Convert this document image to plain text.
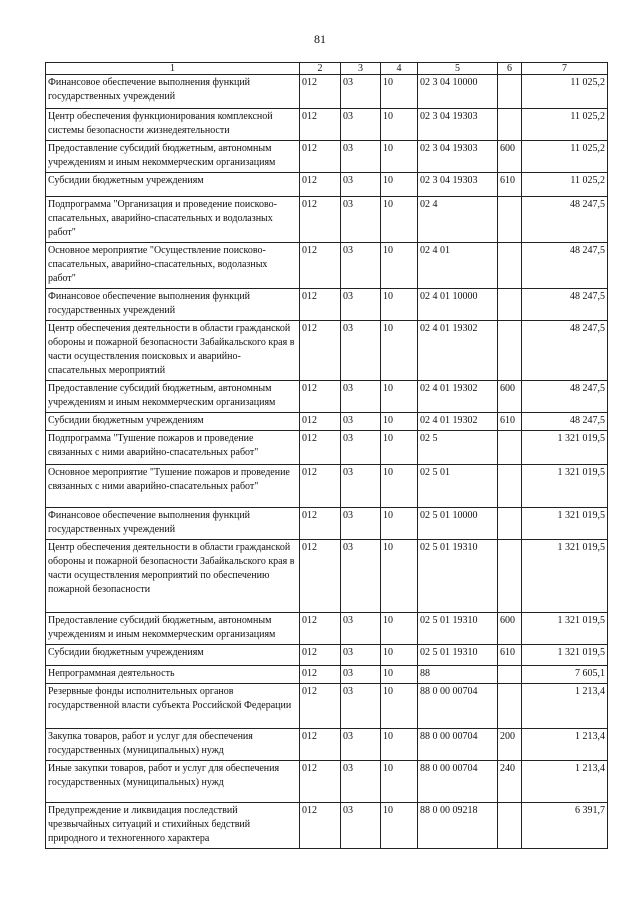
81
1	2	3	4	5	6	7
Финансовое обеспечение выполнения функций государственных учреждений	012	03	10	02 3 04 10000		11 025,2
Центр обеспечения функционирования комплексной системы безопасности жизнедеятельности	012	03	10	02 3 04 19303		11 025,2
Предоставление субсидий бюджетным, автономным учреждениям и иным некоммерческим организациям	012	03	10	02 3 04 19303	600	11 025,2
Субсидии бюджетным учреждениям	012	03	10	02 3 04 19303	610	11 025,2
Подпрограмма "Организация и проведение поисково-спасательных, аварийно-спасательных и водолазных работ"	012	03	10	02 4		48 247,5
Основное мероприятие "Осуществление поисково-спасательных, аварийно-спасательных, водолазных работ"	012	03	10	02 4 01		48 247,5
Финансовое обеспечение выполнения функций государственных учреждений	012	03	10	02 4 01 10000		48 247,5
Центр обеспечения деятельности в области гражданской обороны и пожарной безопасности Забайкальского края в части осуществления поисковых и аварийно-спасательных мероприятий	012	03	10	02 4 01 19302		48 247,5
Предоставление субсидий бюджетным, автономным учреждениям и иным некоммерческим организациям	012	03	10	02 4 01 19302	600	48 247,5
Субсидии бюджетным учреждениям	012	03	10	02 4 01 19302	610	48 247,5
Подпрограмма "Тушение пожаров и проведение связанных с ними аварийно-спасательных работ"	012	03	10	02 5		1 321 019,5
Основное мероприятие "Тушение пожаров и проведение связанных с ними аварийно-спасательных работ"	012	03	10	02 5 01		1 321 019,5
Финансовое обеспечение выполнения функций государственных учреждений	012	03	10	02 5 01 10000		1 321 019,5
Центр обеспечения деятельности в области гражданской обороны и пожарной безопасности Забайкальского края в части осуществления мероприятий по обеспечению пожарной безопасности	012	03	10	02 5 01 19310		1 321 019,5
Предоставление субсидий бюджетным, автономным учреждениям и иным некоммерческим организациям	012	03	10	02 5 01 19310	600	1 321 019,5
Субсидии бюджетным учреждениям	012	03	10	02 5 01 19310	610	1 321 019,5
Непрограммная деятельность	012	03	10	88		7 605,1
Резервные фонды исполнительных органов государственной власти субъекта Российской Федерации	012	03	10	88 0 00 00704		1 213,4
Закупка товаров, работ и услуг для обеспечения государственных (муниципальных) нужд	012	03	10	88 0 00 00704	200	1 213,4
Иные закупки товаров, работ и услуг для обеспечения государственных (муниципальных) нужд	012	03	10	88 0 00 00704	240	1 213,4
Предупреждение и ликвидация последствий чрезвычайных ситуаций и стихийных бедствий природного и техногенного характера	012	03	10	88 0 00 09218		6 391,7
